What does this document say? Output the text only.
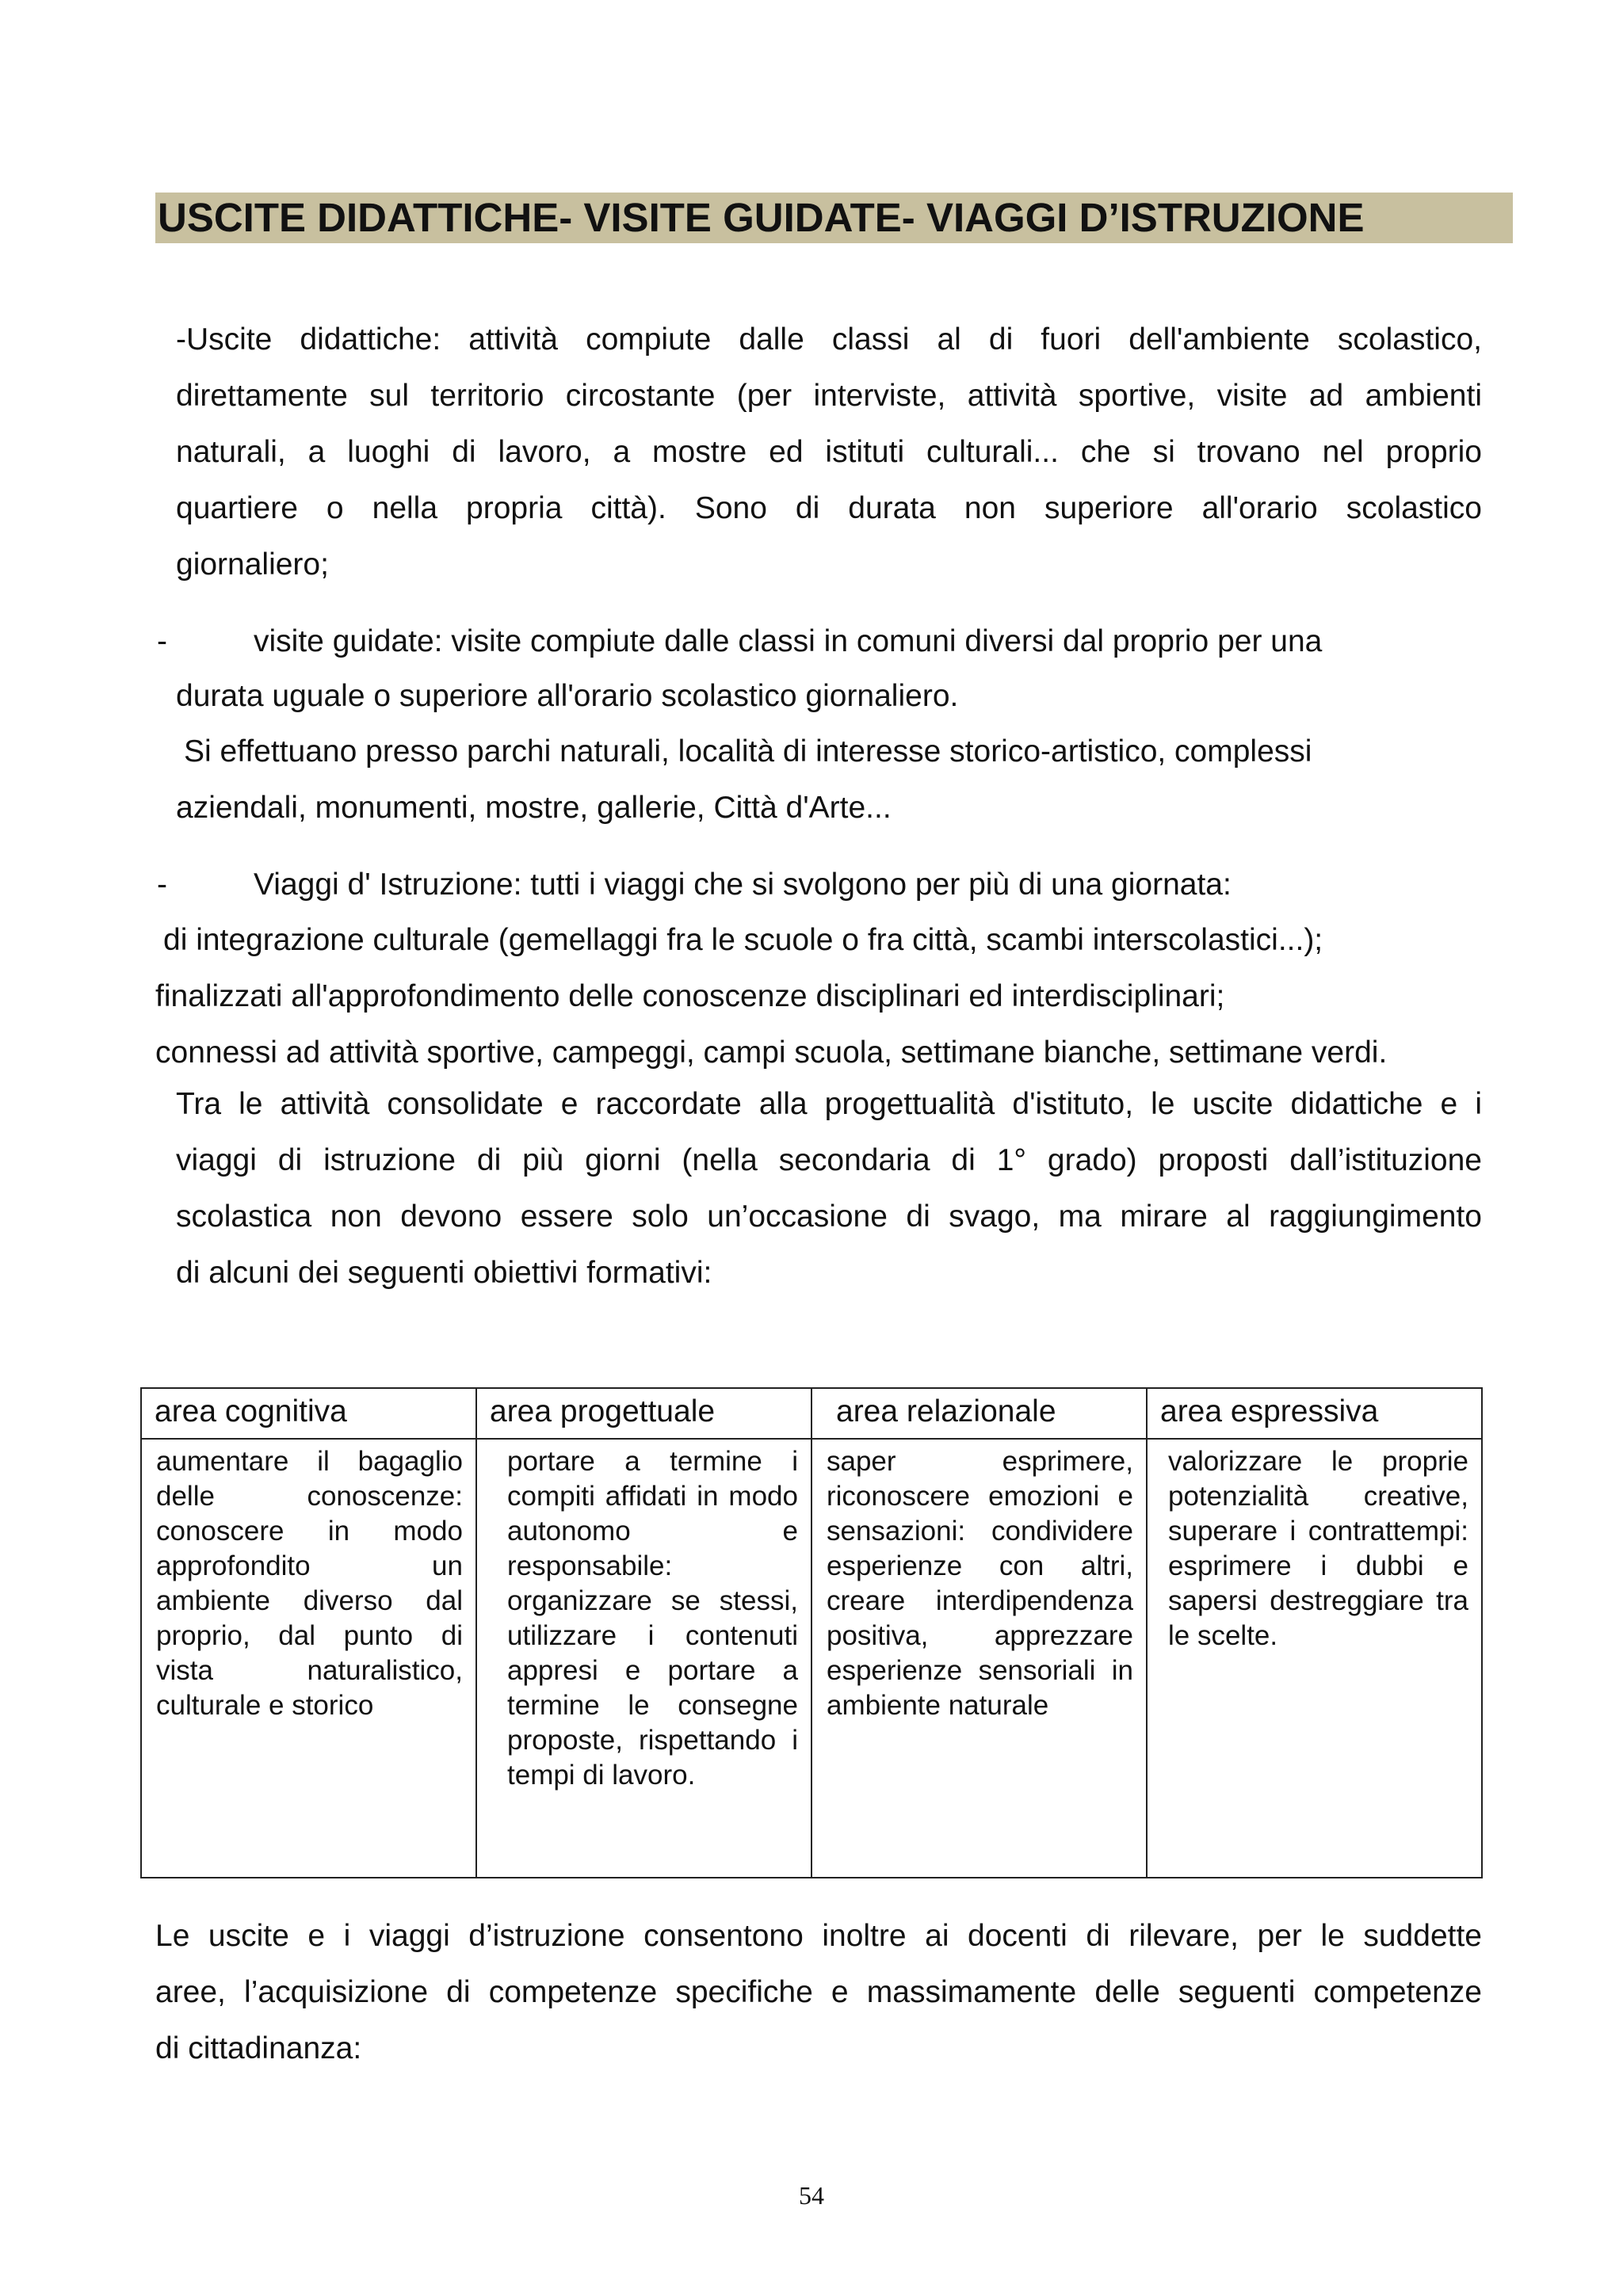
USCITE DIDATTICHE- VISITE GUIDATE- VIAGGI D’ISTRUZIONE

-Uscite didattiche: attività compiute dalle classi al di fuori dell'ambiente scolastico,

direttamente sul territorio circostante (per interviste, attività sportive, visite ad ambienti

naturali, a luoghi di lavoro, a mostre ed istituti culturali... che si trovano nel proprio

quartiere o nella propria città). Sono di durata non superiore all'orario scolastico

giornaliero;

-	visite guidate: visite compiute dalle classi in comuni diversi dal proprio per una
durata uguale o superiore all'orario scolastico giornaliero.
Si effettuano presso parchi naturali, località di interesse storico-artistico, complessi
aziendali, monumenti, mostre, gallerie, Città d'Arte...
-	Viaggi d' Istruzione: tutti i viaggi che si svolgono per più di una giornata:
di integrazione culturale (gemellaggi fra le scuole o fra città, scambi interscolastici...);
finalizzati all'approfondimento delle conoscenze disciplinari ed interdisciplinari;
connessi ad attività sportive, campeggi, campi scuola, settimane bianche, settimane verdi.

Tra le attività consolidate e raccordate alla progettualità d'istituto, le uscite didattiche e i

viaggi di istruzione di più giorni (nella secondaria di 1° grado) proposti dall’istituzione

scolastica non devono essere solo un’occasione di svago, ma mirare al raggiungimento

di alcuni dei seguenti obiettivi formativi:

area cognitiva	area progettuale	area relazionale	area espressiva
aumentare il bagaglio delle conoscenze: conoscere in modo approfondito un ambiente diverso dal proprio, dal punto di vista naturalistico, culturale e storico	portare a termine i compiti affidati in modo autonomo e responsabile: organizzare se stessi, utilizzare i contenuti appresi e portare a termine le consegne proposte, rispettando i tempi di lavoro.	saper esprimere, riconoscere emozioni e sensazioni: condividere esperienze con altri, creare interdipendenza positiva, apprezzare esperienze sensoriali in ambiente naturale	valorizzare le proprie potenzialità creative, superare i contrattempi: esprimere i dubbi e sapersi destreggiare tra le scelte.

Le uscite e i viaggi d’istruzione consentono inoltre ai docenti di rilevare, per le suddette

aree, l’acquisizione di competenze specifiche e massimamente delle seguenti competenze

di cittadinanza:

54
